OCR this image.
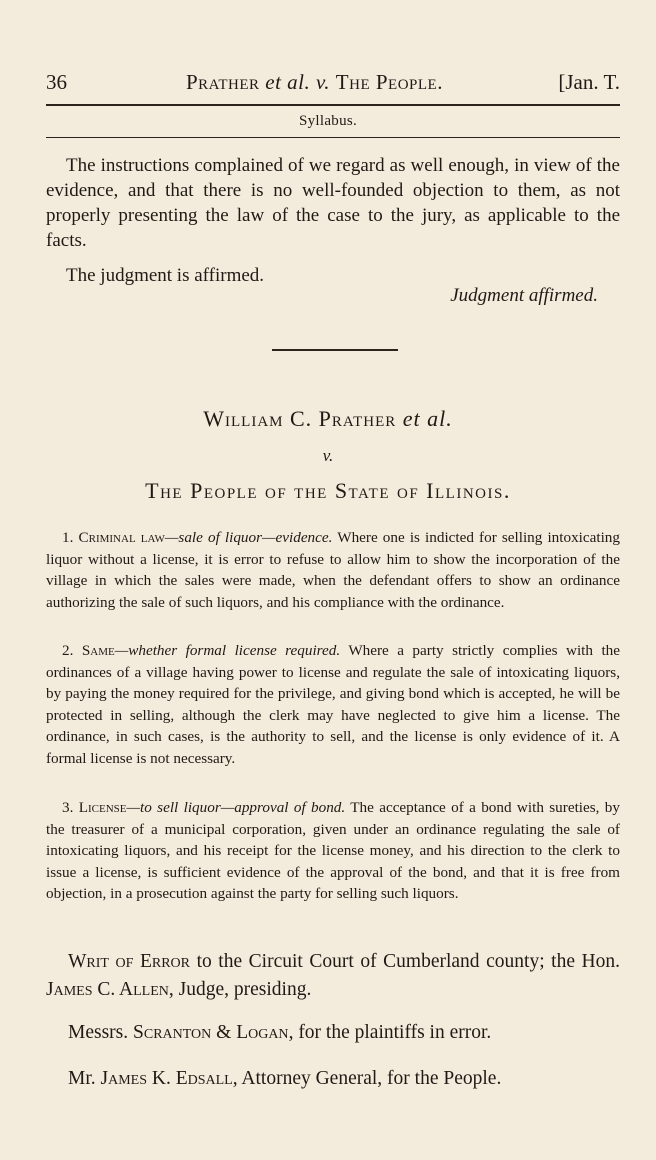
36	Prather et al. v. The People.	[Jan. T.
Syllabus.
The instructions complained of we regard as well enough, in view of the evidence, and that there is no well-founded objection to them, as not properly presenting the law of the case to the jury, as applicable to the facts.
The judgment is affirmed.
Judgment affirmed.
William C. Prather et al.
v.
The People of the State of Illinois.
1. Criminal law—sale of liquor—evidence. Where one is indicted for selling intoxicating liquor without a license, it is error to refuse to allow him to show the incorporation of the village in which the sales were made, when the defendant offers to show an ordinance authorizing the sale of such liquors, and his compliance with the ordinance.
2. Same—whether formal license required. Where a party strictly complies with the ordinances of a village having power to license and regulate the sale of intoxicating liquors, by paying the money required for the privilege, and giving bond which is accepted, he will be protected in selling, although the clerk may have neglected to give him a license. The ordinance, in such cases, is the authority to sell, and the license is only evidence of it. A formal license is not necessary.
3. License—to sell liquor—approval of bond. The acceptance of a bond with sureties, by the treasurer of a municipal corporation, given under an ordinance regulating the sale of intoxicating liquors, and his receipt for the license money, and his direction to the clerk to issue a license, is sufficient evidence of the approval of the bond, and that it is free from objection, in a prosecution against the party for selling such liquors.
Writ of Error to the Circuit Court of Cumberland county; the Hon. James C. Allen, Judge, presiding.
Messrs. Scranton & Logan, for the plaintiffs in error.
Mr. James K. Edsall, Attorney General, for the People.
